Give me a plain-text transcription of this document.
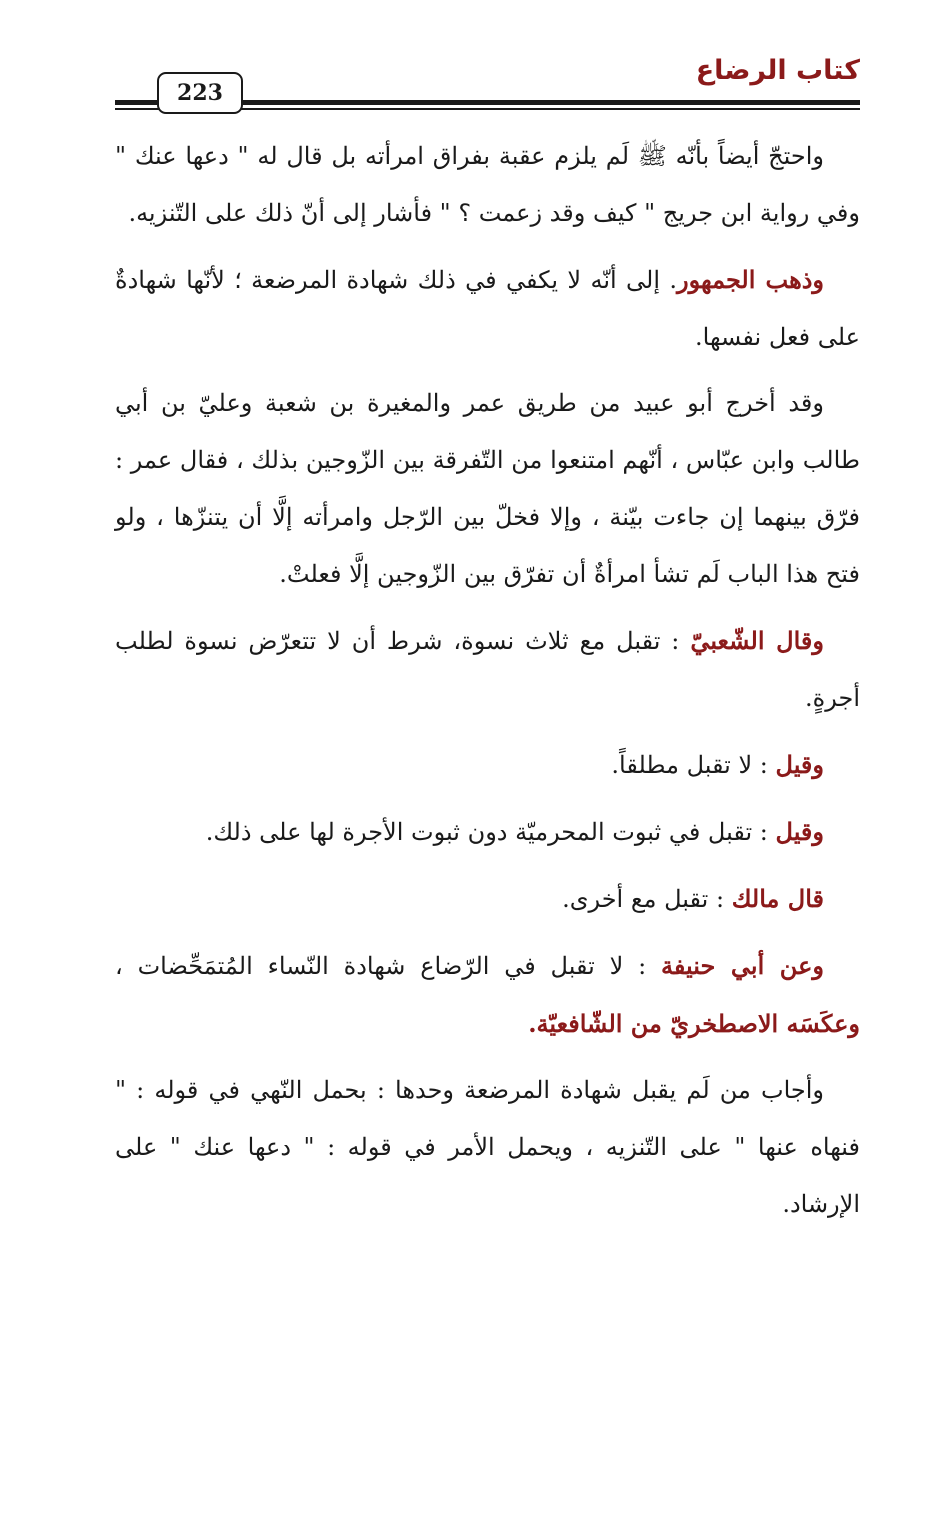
كتاب الرضاع
223

واحتجّ أيضاً بأنّه ﷺ لَم يلزم عقبة بفراق امرأته بل قال له " دعها عنك " وفي رواية ابن جريج " كيف وقد زعمت ؟ " فأشار إلى أنّ ذلك على التّنزيه.

وذهب الجمهور. إلى أنّه لا يكفي في ذلك شهادة المرضعة ؛ لأنّها شهادةٌ على فعل نفسها.

وقد أخرج أبو عبيد من طريق عمر والمغيرة بن شعبة وعليّ بن أبي طالب وابن عبّاس ، أنّهم امتنعوا من التّفرقة بين الزّوجين بذلك ، فقال عمر : فرّق بينهما إن جاءت بيّنة ، وإلا فخلّ بين الرّجل وامرأته إلَّا أن يتنزّها ، ولو فتح هذا الباب لَم تشأ امرأةٌ أن تفرّق بين الزّوجين إلَّا فعلتْ.

وقال الشّعبيّ : تقبل مع ثلاث نسوة، شرط أن لا تتعرّض نسوة لطلب أجرةٍ.

وقيل : لا تقبل مطلقاً.

وقيل : تقبل في ثبوت المحرميّة دون ثبوت الأجرة لها على ذلك.

قال مالك : تقبل مع أخرى.

وعن أبي حنيفة : لا تقبل في الرّضاع شهادة النّساء المُتمَحِّضات ، وعكَسَه الاصطخريّ من الشّافعيّة.

وأجاب من لَم يقبل شهادة المرضعة وحدها : بحمل النّهي في قوله : " فنهاه عنها " على التّنزيه ، ويحمل الأمر في قوله : " دعها عنك " على الإرشاد.
